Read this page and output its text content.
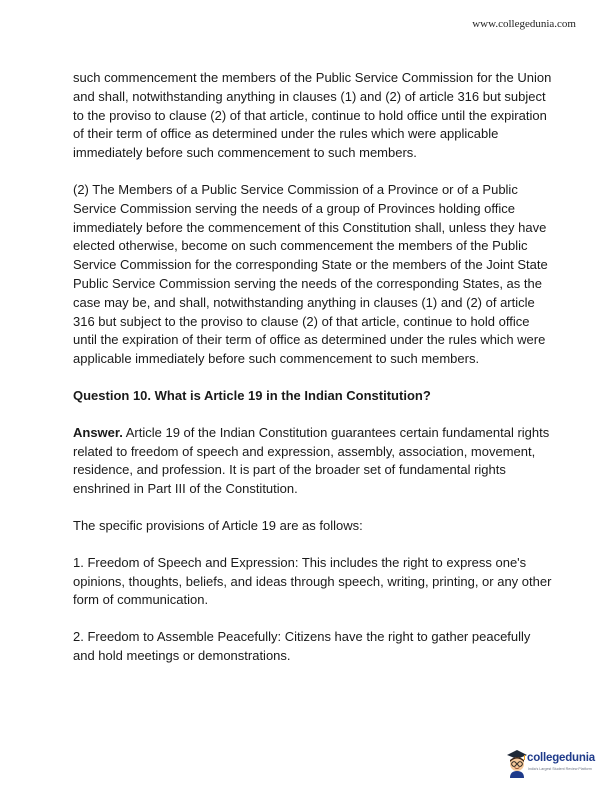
www.collegedunia.com

such commencement the members of the Public Service Commission for the Union and shall, notwithstanding anything in clauses (1) and (2) of article 316 but subject to the proviso to clause (2) of that article, continue to hold office until the expiration of their term of office as determined under the rules which were applicable immediately before such commencement to such members.

(2) The Members of a Public Service Commission of a Province or of a Public Service Commission serving the needs of a group of Provinces holding office immediately before the commencement of this Constitution shall, unless they have elected otherwise, become on such commencement the members of the Public Service Commission for the corresponding State or the members of the Joint State Public Service Commission serving the needs of the corresponding States, as the case may be, and shall, notwithstanding anything in clauses (1) and (2) of article 316 but subject to the proviso to clause (2) of that article, continue to hold office until the expiration of their term of office as determined under the rules which were applicable immediately before such commencement to such members.

Question 10. What is Article 19 in the Indian Constitution?

Answer. Article 19 of the Indian Constitution guarantees certain fundamental rights related to freedom of speech and expression, assembly, association, movement, residence, and profession. It is part of the broader set of fundamental rights enshrined in Part III of the Constitution.

The specific provisions of Article 19 are as follows:

1. Freedom of Speech and Expression: This includes the right to express one's opinions, thoughts, beliefs, and ideas through speech, writing, printing, or any other form of communication.

2. Freedom to Assemble Peacefully: Citizens have the right to gather peacefully and hold meetings or demonstrations.

collegedunia
India's Largest Student Review Platform
